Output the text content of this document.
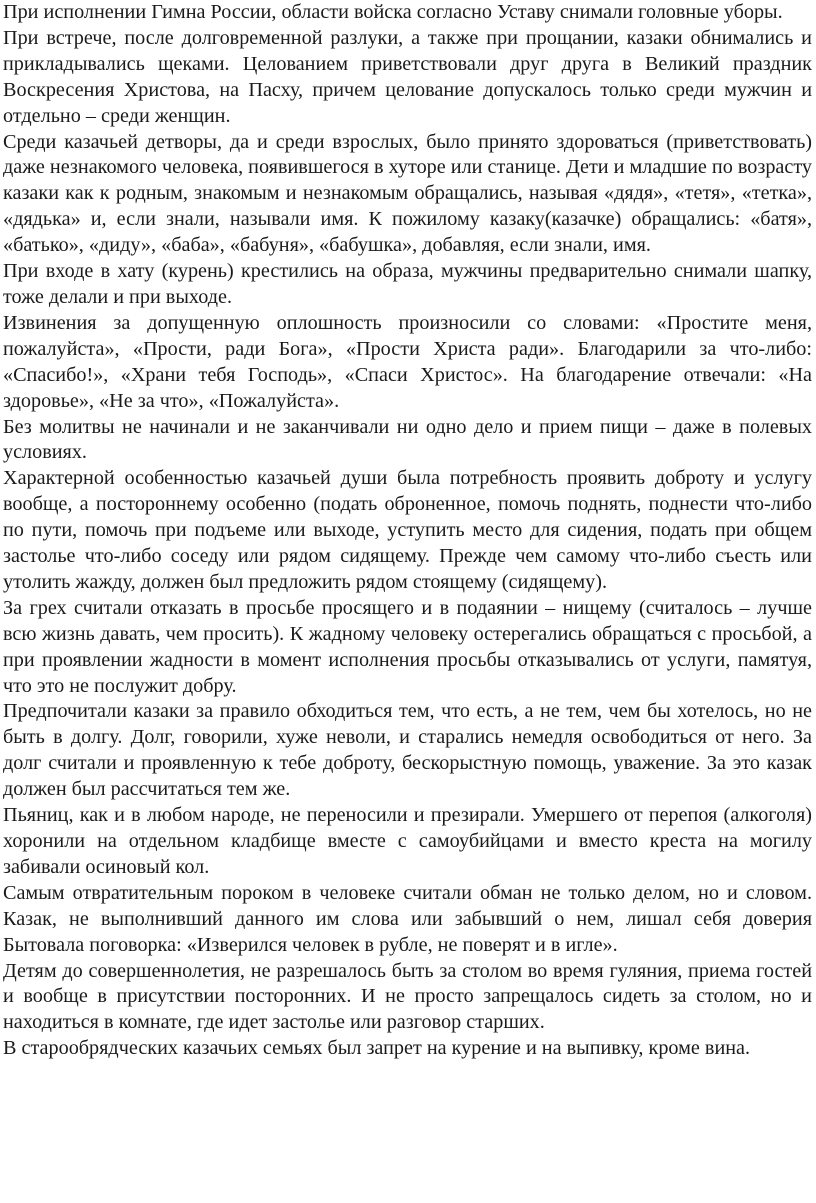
При исполнении Гимна России, области войска согласно Уставу снимали головные уборы.

При встрече, после долговременной разлуки, а также при прощании, казаки обнимались и прикладывались щеками. Целованием приветствовали друг друга в Великий праздник Воскресения Христова, на Пасху, причем целование допускалось только среди мужчин и отдельно – среди женщин.

Среди казачьей детворы, да и среди взрослых, было принято здороваться (приветствовать) даже незнакомого человека, появившегося в хуторе или станице. Дети и младшие по возрасту казаки как к родным, знакомым и незнакомым обращались, называя «дядя», «тетя», «тетка», «дядька» и, если знали, называли имя. К пожилому казаку(казачке) обращались: «батя», «батько», «диду», «баба», «бабуня», «бабушка», добавляя, если знали, имя.

При входе в хату (курень) крестились на образа, мужчины предварительно снимали шапку, тоже делали и при выходе.

Извинения за допущенную оплошность произносили со словами: «Простите меня, пожалуйста», «Прости, ради Бога», «Прости Христа ради». Благодарили за что-либо: «Спасибо!», «Храни тебя Господь», «Спаси Христос». На благодарение отвечали: «На здоровье», «Не за что», «Пожалуйста».

Без молитвы не начинали и не заканчивали ни одно дело и прием пищи – даже в полевых условиях.

Характерной особенностью казачьей души была потребность проявить доброту и услугу вообще, а постороннему особенно (подать оброненное, помочь поднять, поднести что-либо по пути, помочь при подъеме или выходе, уступить место для сидения, подать при общем застолье что-либо соседу или рядом сидящему. Прежде чем самому что-либо съесть или утолить жажду, должен был предложить рядом стоящему (сидящему).

За грех считали отказать в просьбе просящего и в подаянии – нищему (считалось – лучше всю жизнь давать, чем просить). К жадному человеку остерегались обращаться с просьбой, а при проявлении жадности в момент исполнения просьбы отказывались от услуги, памятуя, что это не послужит добру.

Предпочитали казаки за правило обходиться тем, что есть, а не тем, чем бы хотелось, но не быть в долгу. Долг, говорили, хуже неволи, и старались немедля освободиться от него. За долг считали и проявленную к тебе доброту, бескорыстную помощь, уважение. За это казак должен был рассчитаться тем же.

Пьяниц, как и в любом народе, не переносили и презирали. Умершего от перепоя (алкоголя) хоронили на отдельном кладбище вместе с самоубийцами и вместо креста на могилу забивали осиновый кол.

Самым отвратительным пороком в человеке считали обман не только делом, но и словом. Казак, не выполнивший данного им слова или забывший о нем, лишал себя доверия Бытовала поговорка: «Изверился человек в рубле, не поверят и в игле».

Детям до совершеннолетия, не разрешалось быть за столом во время гуляния, приема гостей и вообще в присутствии посторонних. И не просто запрещалось сидеть за столом, но и находиться в комнате, где идет застолье или разговор старших.

В старообрядческих казачьих семьях был запрет на курение и на выпивку, кроме вина.
